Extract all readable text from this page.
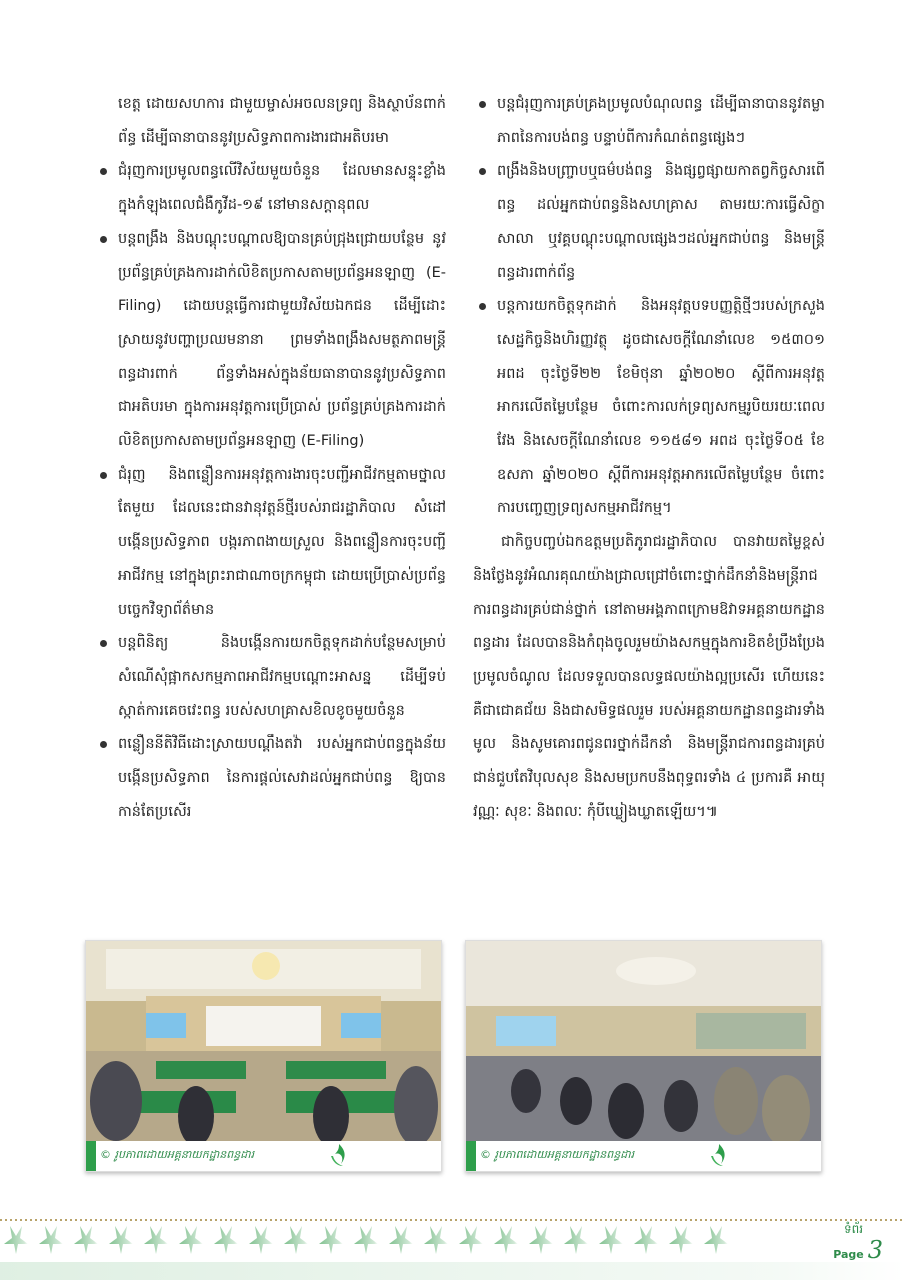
ខេត្ត ដោយសហការ ជាមួយម្ចាស់អចលនទ្រព្យ និងស្ថាប័នពាក់ព័ន្ធ ដើម្បីធានាបាននូវប្រសិទ្ធភាពការងារជាអតិបរមា

ជំរុញការប្រមូលពន្ធលើវិស័យមួយចំនួន ដែលមានសន្ទុះខ្លាំងក្នុងកំឡុងពេលជំងឺកូវីដ-១៩ នៅមានសក្តានុពល
បន្តពង្រឹង និងបណ្តុះបណ្តាលឱ្យបានគ្រប់ជ្រុងជ្រោយបន្ថែម នូវប្រព័ន្ធគ្រប់គ្រងការដាក់លិខិតប្រកាសតាមប្រព័ន្ធអនឡាញ (E-Filing) ដោយបន្តធ្វើការជាមួយវិស័យឯកជន ដើម្បីដោះស្រាយនូវបញ្ហាប្រឈមនានា ព្រមទាំងពង្រឹងសមត្ថភាពមន្ត្រីពន្ធដារពាក់ ព័ន្ធទាំងអស់ក្នុងន័យធានាបាននូវប្រសិទ្ធភាពជាអតិបរមា ក្នុងការអនុវត្តការប្រើប្រាស់ ប្រព័ន្ធគ្រប់គ្រងការដាក់លិខិតប្រកាសតាមប្រព័ន្ធអនឡាញ (E-Filing)
ជំរុញ និងពន្លឿនការអនុវត្តការងារចុះបញ្ជីអាជីវកម្មតាមថ្នាលតែមួយ ដែលនេះជានវានុវត្តន៍ថ្មីរបស់រាជរដ្ឋាភិបាល សំដៅបង្កើនប្រសិទ្ធភាព បង្ករភាពងាយស្រួល និងពន្លឿនការចុះបញ្ជីអាជីវកម្ម នៅក្នុងព្រះរាជាណាចក្រកម្ពុជា ដោយប្រើប្រាស់ប្រព័ន្ធបច្ចេកវិទ្យាព័ត៌មាន
បន្តពិនិត្យ និងបង្កើនការយកចិត្តទុកដាក់បន្ថែមសម្រាប់សំណើសុំផ្អាកសកម្មភាពអាជីវកម្មបណ្តោះអាសន្ន ដើម្បីទប់ស្កាត់ការគេចវេះពន្ធ របស់សហគ្រាសខិលខូចមួយចំនួន
ពន្លឿននីតិវិធីដោះស្រាយបណ្តឹងតវ៉ា របស់អ្នកជាប់ពន្ធក្នុងន័យបង្កើនប្រសិទ្ធភាព នៃការផ្តល់សេវាដល់អ្នកជាប់ពន្ធ ឱ្យបានកាន់តែប្រសើរ
បន្តជំរុញការគ្រប់គ្រងប្រមូលបំណុលពន្ធ ដើម្បីធានាបាននូវតម្លាភាពនៃការបង់ពន្ធ បន្ទាប់ពីការកំណត់ពន្ធផ្សេងៗ
ពង្រឹងនិងបញ្ច្រាបឬធម៌បង់ពន្ធ និងផ្សព្វផ្សាយកាតព្វកិច្ចសារពើពន្ធ ដល់អ្នកជាប់ពន្ធនិងសហគ្រាស តាមរយៈការធ្វើសិក្ខាសាលា ឬវគ្គបណ្តុះបណ្តាលផ្សេងៗដល់អ្នកជាប់ពន្ធ និងមន្ត្រីពន្ធដារពាក់ព័ន្ធ
បន្តការយកចិត្តទុកដាក់ និងអនុវត្តបទបញ្ញត្តិថ្មីៗរបស់ក្រសួងសេដ្ឋកិច្ចនិងហិរញ្ញវត្ថុ ដូចជាសេចក្តីណែនាំលេខ ១៥៣០១ អពដ ចុះថ្ងៃទី២២ ខែមិថុនា ឆ្នាំ២០២០ ស្តីពីការអនុវត្តអាករលើតម្លៃបន្ថែម ចំពោះការលក់ទ្រព្យសកម្មរូបិយរយៈពេលវែង និងសេចក្តីណែនាំលេខ ១១៥៨១ អពដ ចុះថ្ងៃទី០៥ ខែឧសភា ឆ្នាំ២០២០ ស្តីពីការអនុវត្តអាករលើតម្លៃបន្ថែម ចំពោះការបញ្ចេញទ្រព្យសកម្មអាជីវកម្ម។

ជាកិច្ចបញ្ចប់ឯកឧត្តមប្រតិភូរាជរដ្ឋាភិបាល បានវាយតម្លៃខ្ពស់ និងថ្លែងនូវអំណរគុណយ៉ាងជ្រាលជ្រៅចំពោះថ្នាក់ដឹកនាំនិងមន្ត្រីរាជការពន្ធដារគ្រប់ជាន់ថ្នាក់ នៅតាមអង្គភាពក្រោមឱវាទអគ្គនាយកដ្ឋានពន្ធដារ ដែលបាននិងកំពុងចូលរួមយ៉ាងសកម្មក្នុងការខិតខំប្រឹងប្រែងប្រមូលចំណូល ដែលទទួលបានលទ្ធផលយ៉ាងល្អប្រសើរ ហើយនេះគឺជាជោគជ័យ និងជាសមិទ្ធផលរួម របស់អគ្គនាយកដ្ឋានពន្ធដារទាំងមូល និងសូមគោរពជូនពរថ្នាក់ដឹកនាំ និងមន្ត្រីរាជការពន្ធដារគ្រប់ជាន់ជួបតែវិបុលសុខ និងសមប្រកបនឹងពុទ្ធពរទាំង ៤ ប្រការគឺ អាយុ វណ្ណៈ សុខៈ និងពលៈ កុំបីឃ្លៀងឃ្លាតឡើយ។៕

© រូបភាពដោយអគ្គនាយកដ្ឋានពន្ធដារ	© រូបភាពដោយអគ្គនាយកដ្ឋានពន្ធដារ
ទំព័រ
Page 3
